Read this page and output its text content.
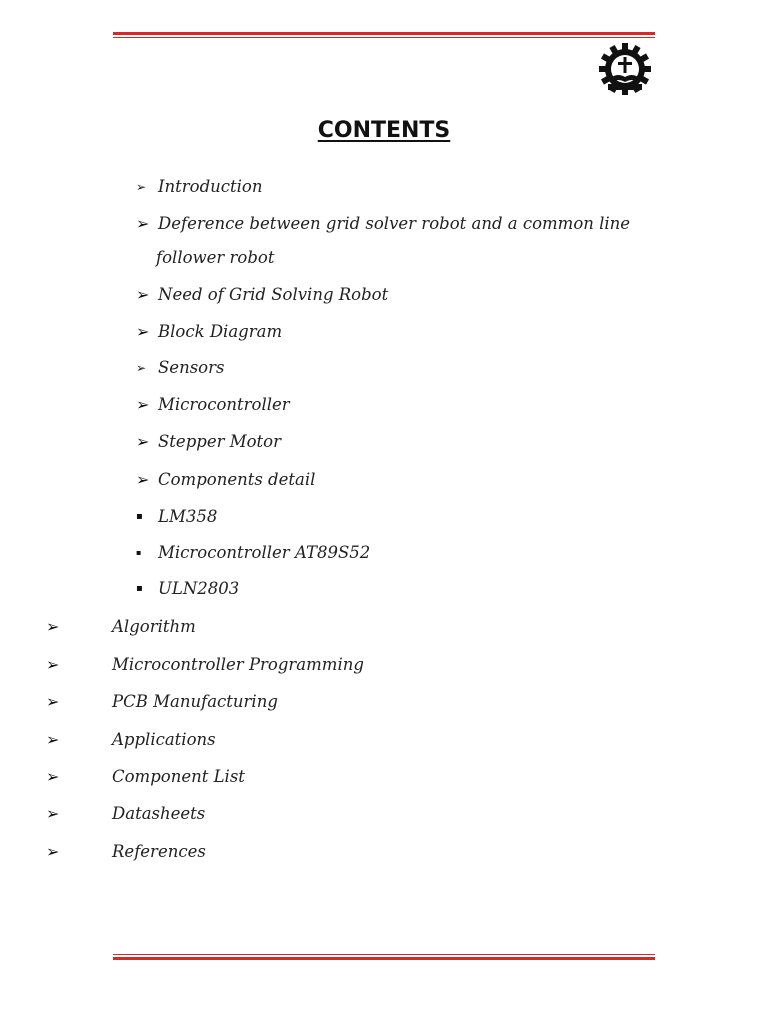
CONTENTS
➢ Introduction
➢ Deference between grid solver robot and a common line
follower robot
➢ Need of Grid Solving Robot
➢ Block Diagram
➢ Sensors
➢ Microcontroller
➢ Stepper Motor
➢ Components detail
▪ LM358
▪ Microcontroller AT89S52
▪ ULN2803
➢	Algorithm
➢	Microcontroller Programming
➢	PCB Manufacturing
➢	Applications
➢	Component List
➢	Datasheets
➢	References
